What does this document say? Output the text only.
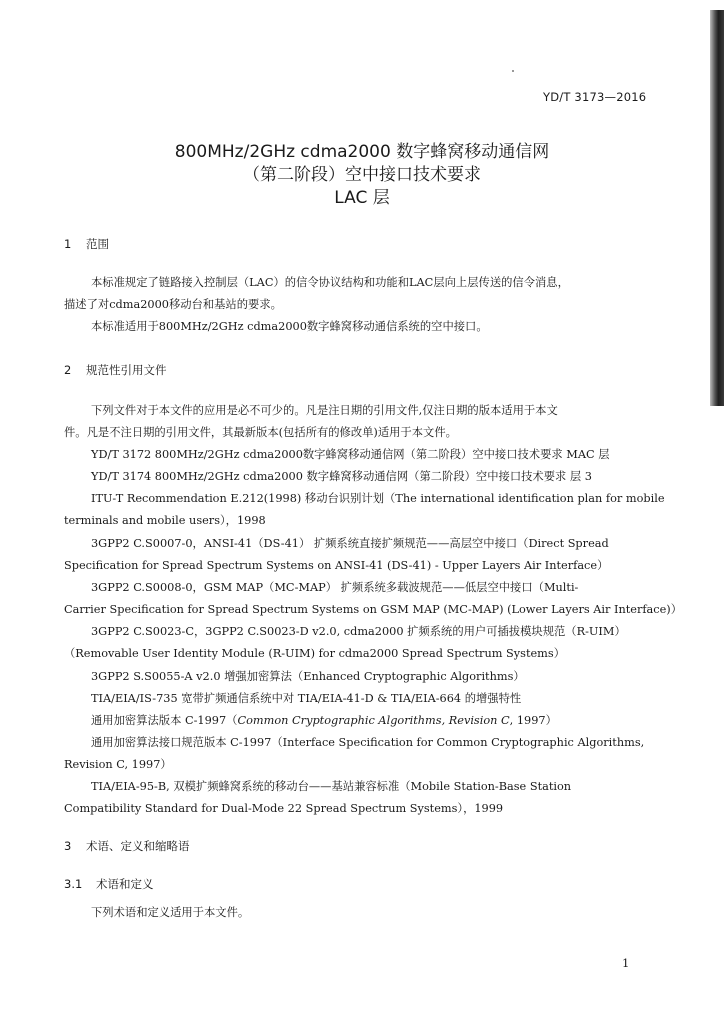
YD/T 3173—2016
800MHz/2GHz cdma2000 数字蜂窝移动通信网
（第二阶段）空中接口技术要求
LAC 层
1 范围
本标准规定了链路接入控制层（LAC）的信令协议结构和功能和LAC层向上层传送的信令消息，
描述了对cdma2000移动台和基站的要求。
本标准适用于800MHz/2GHz cdma2000数字蜂窝移动通信系统的空中接口。
2 规范性引用文件
下列文件对于本文件的应用是必不可少的。凡是注日期的引用文件,仅注日期的版本适用于本文
件。凡是不注日期的引用文件，其最新版本(包括所有的修改单)适用于本文件。
YD/T 3172 800MHz/2GHz cdma2000数字蜂窝移动通信网（第二阶段）空中接口技术要求 MAC 层
YD/T 3174 800MHz/2GHz cdma2000 数字蜂窝移动通信网（第二阶段）空中接口技术要求 层 3
ITU-T Recommendation E.212(1998) 移动台识别计划（The international identification plan for mobile
terminals and mobile users），1998
3GPP2 C.S0007-0，ANSI-41（DS-41） 扩频系统直接扩频规范——高层空中接口（Direct Spread
Specification for Spread Spectrum Systems on ANSI-41 (DS-41) - Upper Layers Air Interface）
3GPP2 C.S0008-0，GSM MAP（MC-MAP） 扩频系统多载波规范——低层空中接口（Multi-
Carrier Specification for Spread Spectrum Systems on GSM MAP (MC-MAP) (Lower Layers Air Interface)）
3GPP2 C.S0023-C，3GPP2 C.S0023-D v2.0, cdma2000 扩频系统的用户可插拔模块规范（R-UIM）
（Removable User Identity Module (R-UIM) for cdma2000 Spread Spectrum Systems）
3GPP2 S.S0055-A v2.0 增强加密算法（Enhanced Cryptographic Algorithms）
TIA/EIA/IS-735 宽带扩频通信系统中对 TIA/EIA-41-D & TIA/EIA-664 的增强特性
通用加密算法版本 C-1997（Common Cryptographic Algorithms, Revision C, 1997）
通用加密算法接口规范版本 C-1997（Interface Specification for Common Cryptographic Algorithms,
Revision C, 1997）
TIA/EIA-95-B, 双模扩频蜂窝系统的移动台——基站兼容标准（Mobile Station-Base Station
Compatibility Standard for Dual-Mode 22 Spread Spectrum Systems），1999
3 术语、定义和缩略语
3.1 术语和定义
下列术语和定义适用于本文件。
1
